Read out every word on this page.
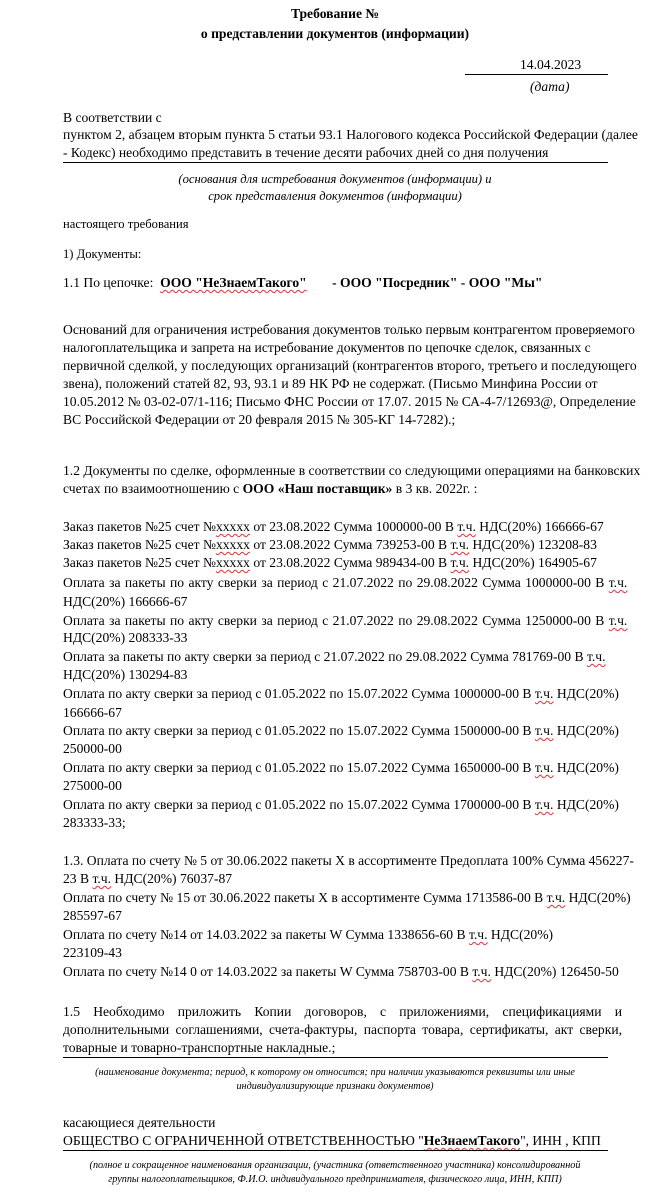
Требование №
о представлении документов (информации)
14.04.2023
(дата)
В соответствии с
пунктом 2, абзацем вторым пункта 5 статьи 93.1 Налогового кодекса Российской Федерации (далее
- Кодекс) необходимо представить в течение десяти рабочих дней со дня получения
(основания для истребования документов (информации) и
срок представления документов (информации)
настоящего требования
1) Документы:
1.1 По цепочке: ООО "НеЗнаемТакого" - ООО "Посредник" - ООО "Мы"
Оснований для ограничения истребования документов только первым контрагентом проверяемого
налогоплательщика и запрета на истребование документов по цепочке сделок, связанных с
первичной сделкой, у последующих организаций (контрагентов второго, третьего и последующего
звена), положений статей 82, 93, 93.1 и 89 НК РФ не содержат. (Письмо Минфина России от
10.05.2012 № 03-02-07/1-116; Письмо ФНС России от 17.07. 2015 № СА-4-7/12693@, Определение
ВС Российской Федерации от 20 февраля 2015 № 305-КГ 14-7282).;
1.2 Документы по сделке, оформленные в соответствии со следующими операциями на банковских
счетах по взаимоотношению с ООО «Наш поставщик» в 3 кв. 2022г. :
Заказ пакетов №25 счет №xxxxx от 23.08.2022 Сумма 1000000-00 В т.ч. НДС(20%) 166666-67
Заказ пакетов №25 счет №xxxxx от 23.08.2022 Сумма 739253-00 В т.ч. НДС(20%) 123208-83
Заказ пакетов №25 счет №xxxxx от 23.08.2022 Сумма 989434-00 В т.ч. НДС(20%) 164905-67
Оплата за пакеты по акту сверки за период с 21.07.2022 по 29.08.2022 Сумма 1000000-00 В т.ч.
НДС(20%) 166666-67
Оплата за пакеты по акту сверки за период с 21.07.2022 по 29.08.2022 Сумма 1250000-00 В т.ч.
НДС(20%) 208333-33
Оплата за пакеты по акту сверки за период с 21.07.2022 по 29.08.2022 Сумма 781769-00 В т.ч.
НДС(20%) 130294-83
Оплата по акту сверки за период с 01.05.2022 по 15.07.2022 Сумма 1000000-00 В т.ч. НДС(20%)
166666-67
Оплата по акту сверки за период с 01.05.2022 по 15.07.2022 Сумма 1500000-00 В т.ч. НДС(20%)
250000-00
Оплата по акту сверки за период с 01.05.2022 по 15.07.2022 Сумма 1650000-00 В т.ч. НДС(20%)
275000-00
Оплата по акту сверки за период с 01.05.2022 по 15.07.2022 Сумма 1700000-00 В т.ч. НДС(20%)
283333-33;
1.3. Оплата по счету № 5 от 30.06.2022 пакеты Х в ассортименте Предоплата 100% Сумма 456227-
23 В т.ч. НДС(20%) 76037-87
Оплата по счету № 15 от 30.06.2022 пакеты Х в ассортименте Сумма 1713586-00 В т.ч. НДС(20%)
285597-67
Оплата по счету №14 от 14.03.2022 за пакеты W Сумма 1338656-60 В т.ч. НДС(20%)
223109-43
Оплата по счету №14 0 от 14.03.2022 за пакеты W Сумма 758703-00 В т.ч. НДС(20%) 126450-50
1.5 Необходимо приложить Копии договоров, с приложениями, спецификациями и
дополнительными соглашениями, счета-фактуры, паспорта товара, сертификаты, акт сверки,
товарные и товарно-транспортные накладные.;
(наименование документа; период, к которому он относится; при наличии указываются реквизиты или иные
индивидуализирующие признаки документов)
касающиеся деятельности
ОБЩЕСТВО С ОГРАНИЧЕННОЙ ОТВЕТСТВЕННОСТЬЮ "НеЗнаемТакого", ИНН , КПП
(полное и сокращенное наименования организации, (участника (ответственного участника) консолидированной
группы налогоплательщиков, Ф.И.О. индивидуального предпринимателя, физического лица, ИНН, КПП)
